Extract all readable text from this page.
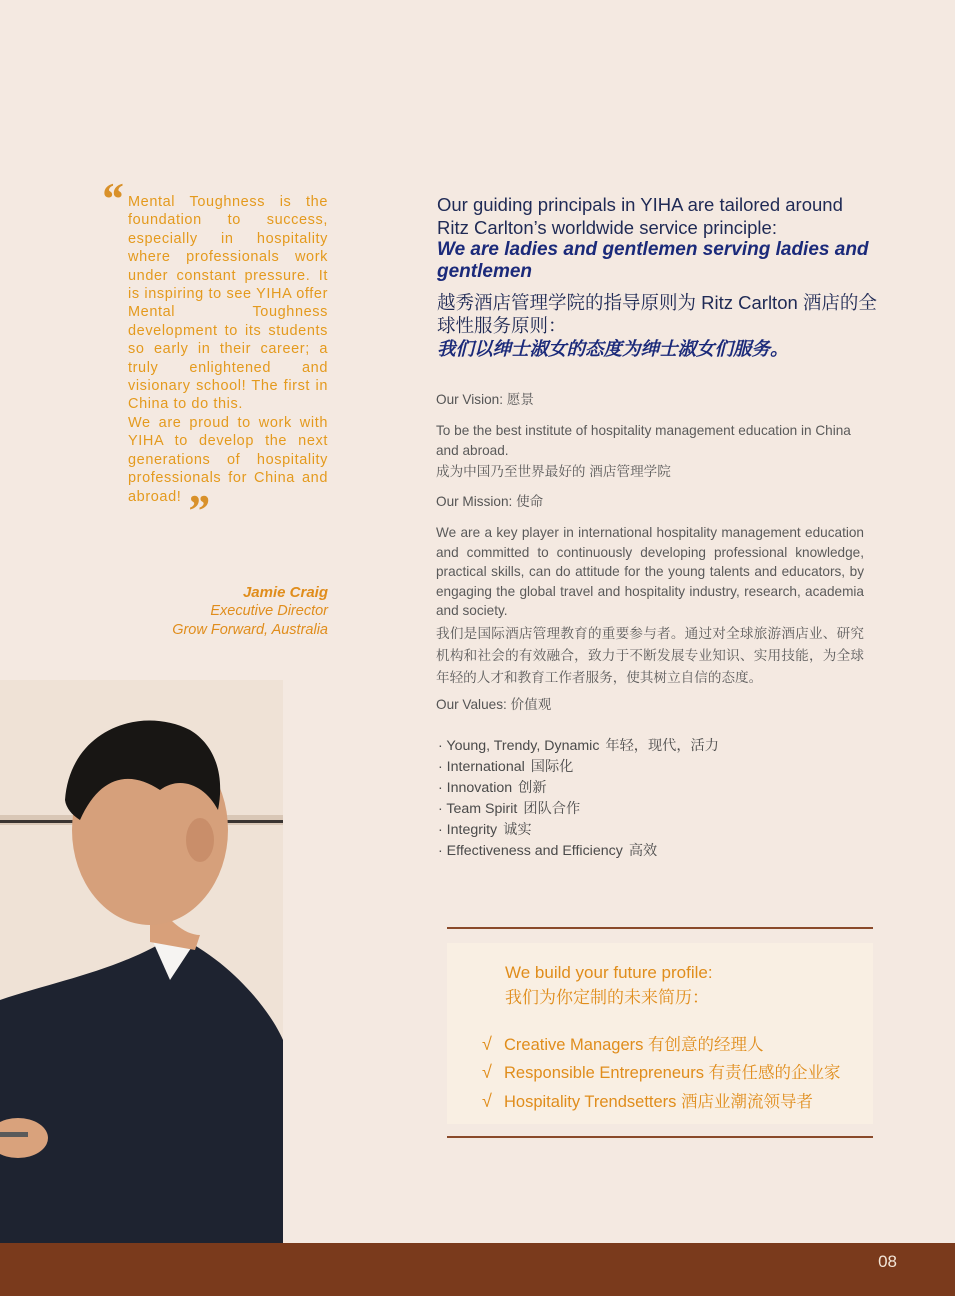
“ Mental Toughness is the foundation to success, especially in hospitality where professionals work under constant pressure. It is inspiring to see YIHA offer Mental Toughness development to its students so early in their career; a truly enlightened and visionary school! The first in China to do this.
We are proud to work with YIHA to develop the next generations of hospitality professionals for China and abroad! ”
Jamie Craig
Executive Director
Grow Forward, Australia
Our guiding principals in YIHA are tailored around Ritz Carlton’s worldwide service principle:
We are ladies and gentlemen serving ladies and gentlemen
越秀酒店管理学院的指导原则为 Ritz Carlton 酒店的全球性服务原则：
我们以绅士淑女的态度为绅士淑女们服务。

Our Vision: 愿景

To be the best institute of hospitality management education in China and abroad.

成为中国乃至世界最好的 酒店管理学院

Our Mission: 使命

We are a key player in international hospitality management education and committed to continuously developing professional knowledge, practical skills, can do attitude for the young talents and educators, by engaging the global travel and hospitality industry, research, academia and society.

我们是国际酒店管理教育的重要参与者。通过对全球旅游酒店业、研究机构和社会的有效融合，致力于不断发展专业知识、实用技能，为全球年轻的人才和教育工作者服务，使其树立自信的态度。

Our Values: 价值观

· Young, Trendy, Dynamic 年轻，现代，活力
· International 国际化
· Innovation 创新
· Team Spirit 团队合作
· Integrity 诚实
· Effectiveness and Efficiency 高效
We build your future profile:
我们为你定制的未来简历：
√ Creative Managers 有创意的经理人
√ Responsible Entrepreneurs 有责任感的企业家
√ Hospitality Trendsetters 酒店业潮流领导者
08
